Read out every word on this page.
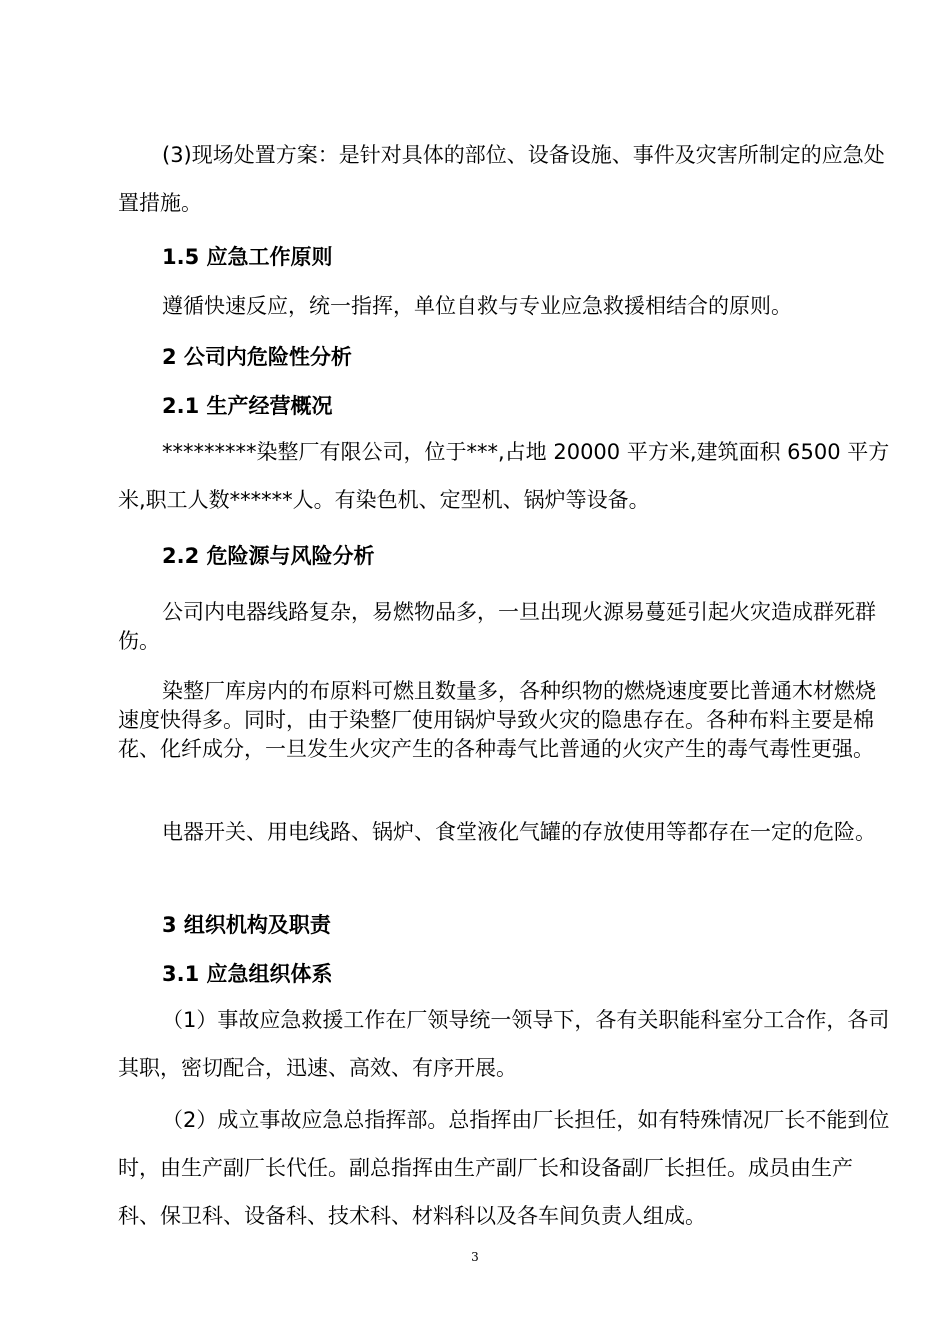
(3)现场处置方案：是针对具体的部位、设备设施、事件及灾害所制定的应急处置措施。

1.5 应急工作原则

遵循快速反应，统一指挥，单位自救与专业应急救援相结合的原则。

2 公司内危险性分析

2.1 生产经营概况

*********染整厂有限公司，位于***,占地 20000 平方米,建筑面积 6500 平方米,职工人数******人。有染色机、定型机、锅炉等设备。

2.2 危险源与风险分析

公司内电器线路复杂，易燃物品多，一旦出现火源易蔓延引起火灾造成群死群伤。

染整厂库房内的布原料可燃且数量多，各种织物的燃烧速度要比普通木材燃烧速度快得多。同时，由于染整厂使用锅炉导致火灾的隐患存在。各种布料主要是棉花、化纤成分，一旦发生火灾产生的各种毒气比普通的火灾产生的毒气毒性更强。

电器开关、用电线路、锅炉、食堂液化气罐的存放使用等都存在一定的危险。

3 组织机构及职责

3.1 应急组织体系

（1）事故应急救援工作在厂领导统一领导下，各有关职能科室分工合作，各司其职，密切配合，迅速、高效、有序开展。

（2）成立事故应急总指挥部。总指挥由厂长担任，如有特殊情况厂长不能到位时，由生产副厂长代任。副总指挥由生产副厂长和设备副厂长担任。成员由生产科、保卫科、设备科、技术科、材料科以及各车间负责人组成。

3
